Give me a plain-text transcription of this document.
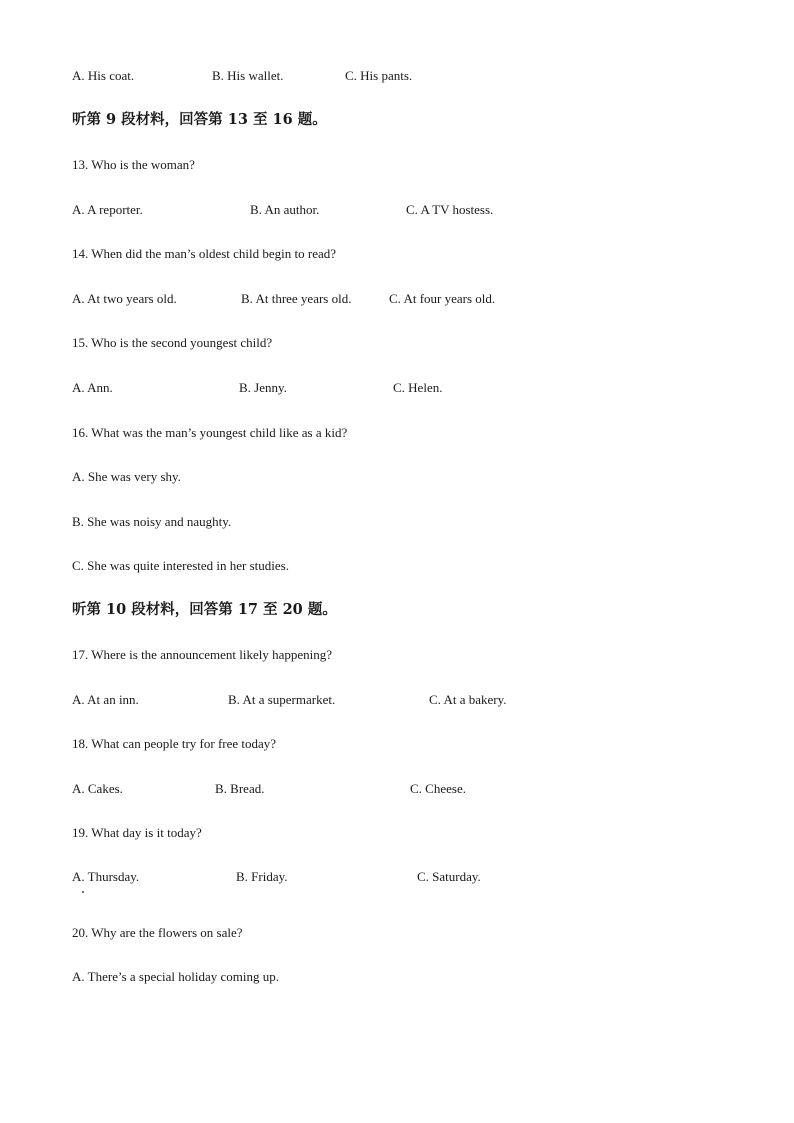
A. His coat.	B. His wallet.	C. His pants.
听第 9 段材料，回答第 13 至 16 题。
13. Who is the woman?
A. A reporter.	B. An author.	C. A TV hostess.
14. When did the man’s oldest child begin to read?
A. At two years old.	B. At three years old.	C. At four years old.
15. Who is the second youngest child?
A. Ann.	B. Jenny.	C. Helen.
16. What was the man’s youngest child like as a kid?
A. She was very shy.
B. She was noisy and naughty.
C. She was quite interested in her studies.
听第 10 段材料，回答第 17 至 20 题。
17. Where is the announcement likely happening?
A. At an inn.	B. At a supermarket.	C. At a bakery.
18. What can people try for free today?
A. Cakes.	B. Bread.	C. Cheese.
19. What day is it today?
A. Thursday.	B. Friday.	C. Saturday.
20. Why are the flowers on sale?
A. There’s a special holiday coming up.
